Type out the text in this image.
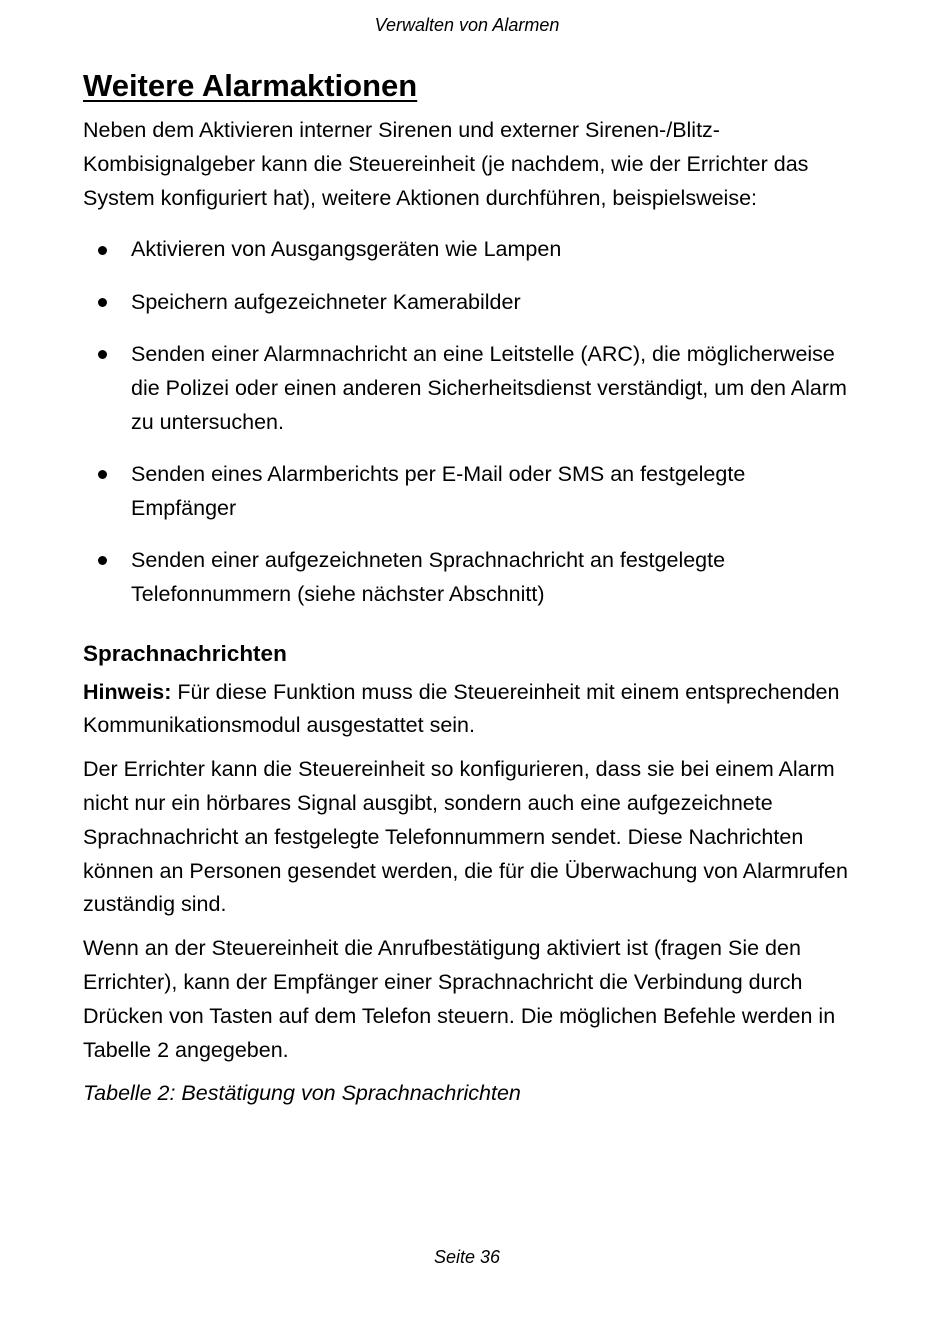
Verwalten von Alarmen
Weitere Alarmaktionen

Neben dem Aktivieren interner Sirenen und externer Sirenen-/Blitz-Kombisignalgeber kann die Steuereinheit (je nachdem, wie der Errichter das System konfiguriert hat), weitere Aktionen durchführen, beispielsweise:

Aktivieren von Ausgangsgeräten wie Lampen
Speichern aufgezeichneter Kamerabilder
Senden einer Alarmnachricht an eine Leitstelle (ARC), die möglicherweise die Polizei oder einen anderen Sicherheitsdienst verständigt, um den Alarm zu untersuchen.
Senden eines Alarmberichts per E-Mail oder SMS an festgelegte Empfänger
Senden einer aufgezeichneten Sprachnachricht an festgelegte Telefonnummern (siehe nächster Abschnitt)
Sprachnachrichten

Hinweis: Für diese Funktion muss die Steuereinheit mit einem entsprechenden Kommunikationsmodul ausgestattet sein.

Der Errichter kann die Steuereinheit so konfigurieren, dass sie bei einem Alarm nicht nur ein hörbares Signal ausgibt, sondern auch eine aufgezeichnete Sprachnachricht an festgelegte Telefonnummern sendet. Diese Nachrichten können an Personen gesendet werden, die für die Überwachung von Alarmrufen zuständig sind.

Wenn an der Steuereinheit die Anrufbestätigung aktiviert ist (fragen Sie den Errichter), kann der Empfänger einer Sprachnachricht die Verbindung durch Drücken von Tasten auf dem Telefon steuern. Die möglichen Befehle werden in Tabelle 2 angegeben.

Tabelle 2: Bestätigung von Sprachnachrichten

Seite 36
